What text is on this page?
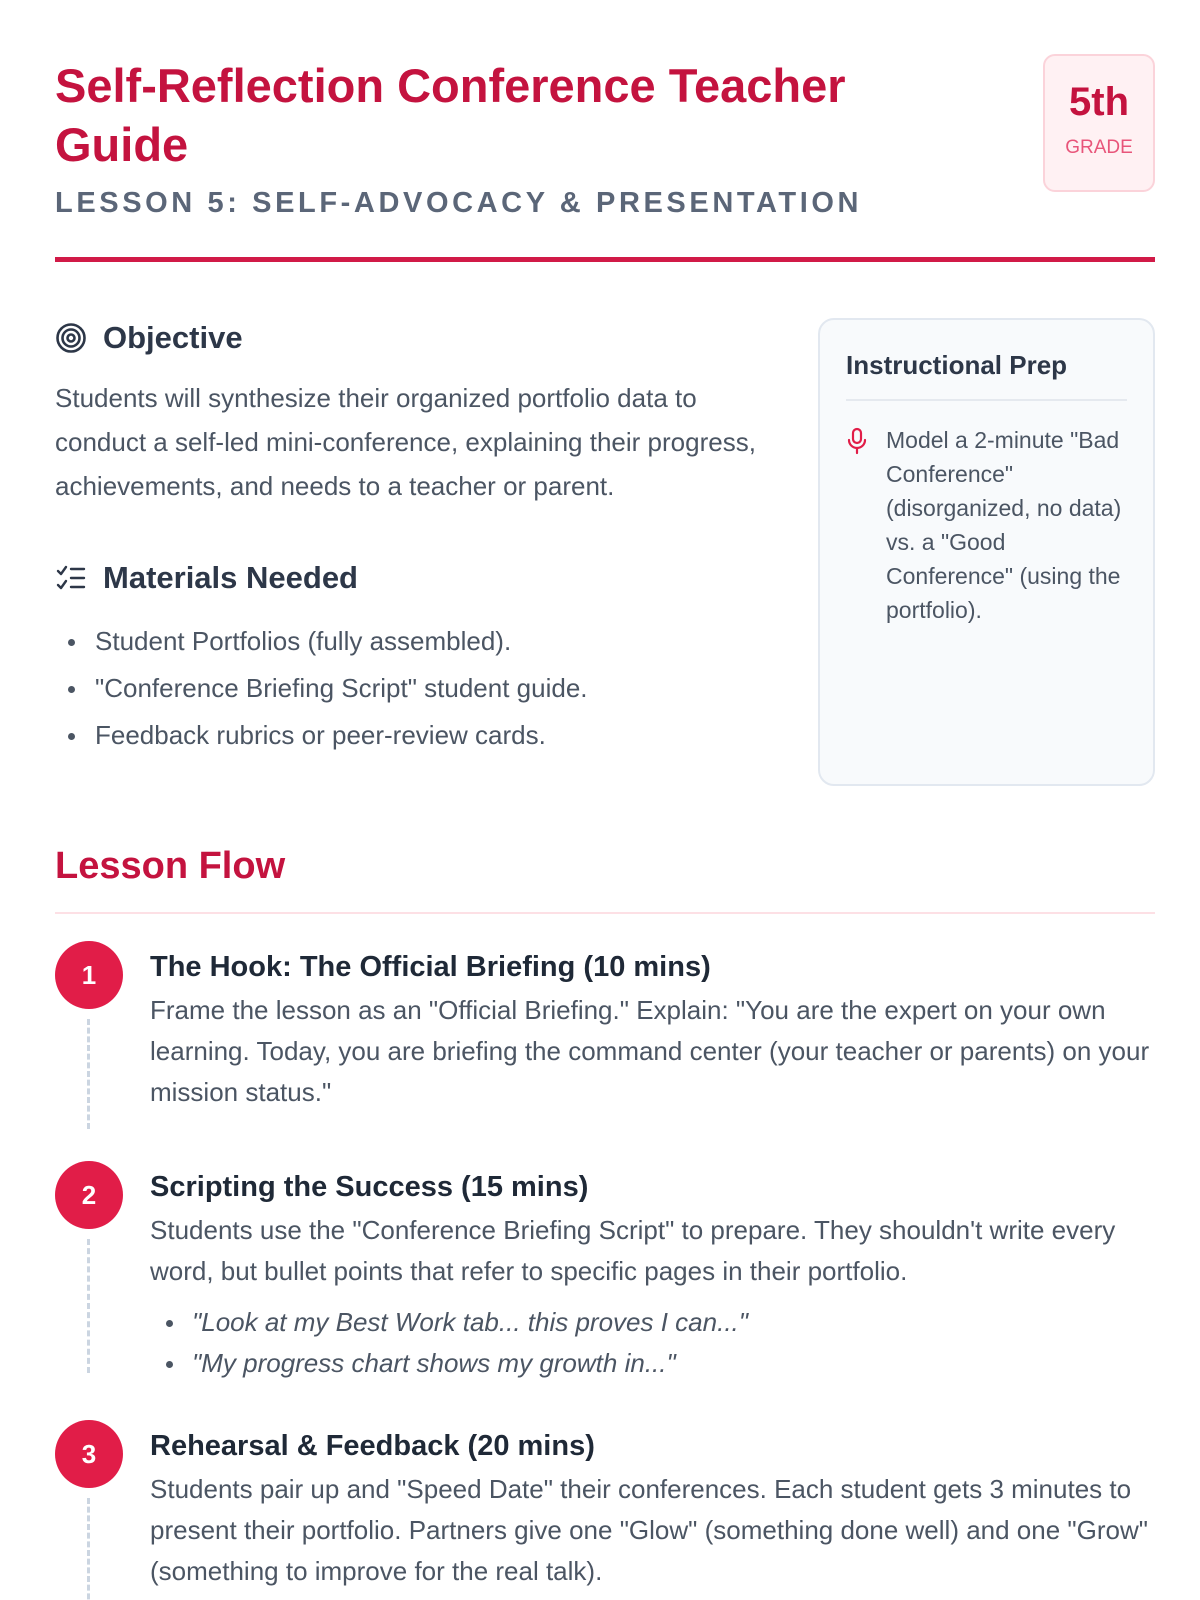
Self-Reflection Conference Teacher Guide
LESSON 5: SELF-ADVOCACY & PRESENTATION
5th
GRADE
Objective

Students will synthesize their organized portfolio data to conduct a self-led mini-conference, explaining their progress, achievements, and needs to a teacher or parent.

Materials Needed
Student Portfolios (fully assembled).
"Conference Briefing Script" student guide.
Feedback rubrics or peer-review cards.
Instructional Prep

Model a 2-minute "Bad Conference" (disorganized, no data) vs. a "Good Conference" (using the portfolio).

Lesson Flow
1	The Hook: The Official Briefing (10 mins)

Frame the lesson as an "Official Briefing." Explain: "You are the expert on your own learning. Today, you are briefing the command center (your teacher or parents) on your mission status."

2	Scripting the Success (15 mins)

Students use the "Conference Briefing Script" to prepare. They shouldn't write every word, but bullet points that refer to specific pages in their portfolio.

"Look at my Best Work tab... this proves I can..."
"My progress chart shows my growth in..."
3	Rehearsal & Feedback (20 mins)

Students pair up and "Speed Date" their conferences. Each student gets 3 minutes to present their portfolio. Partners give one "Glow" (something done well) and one "Grow" (something to improve for the real talk).
